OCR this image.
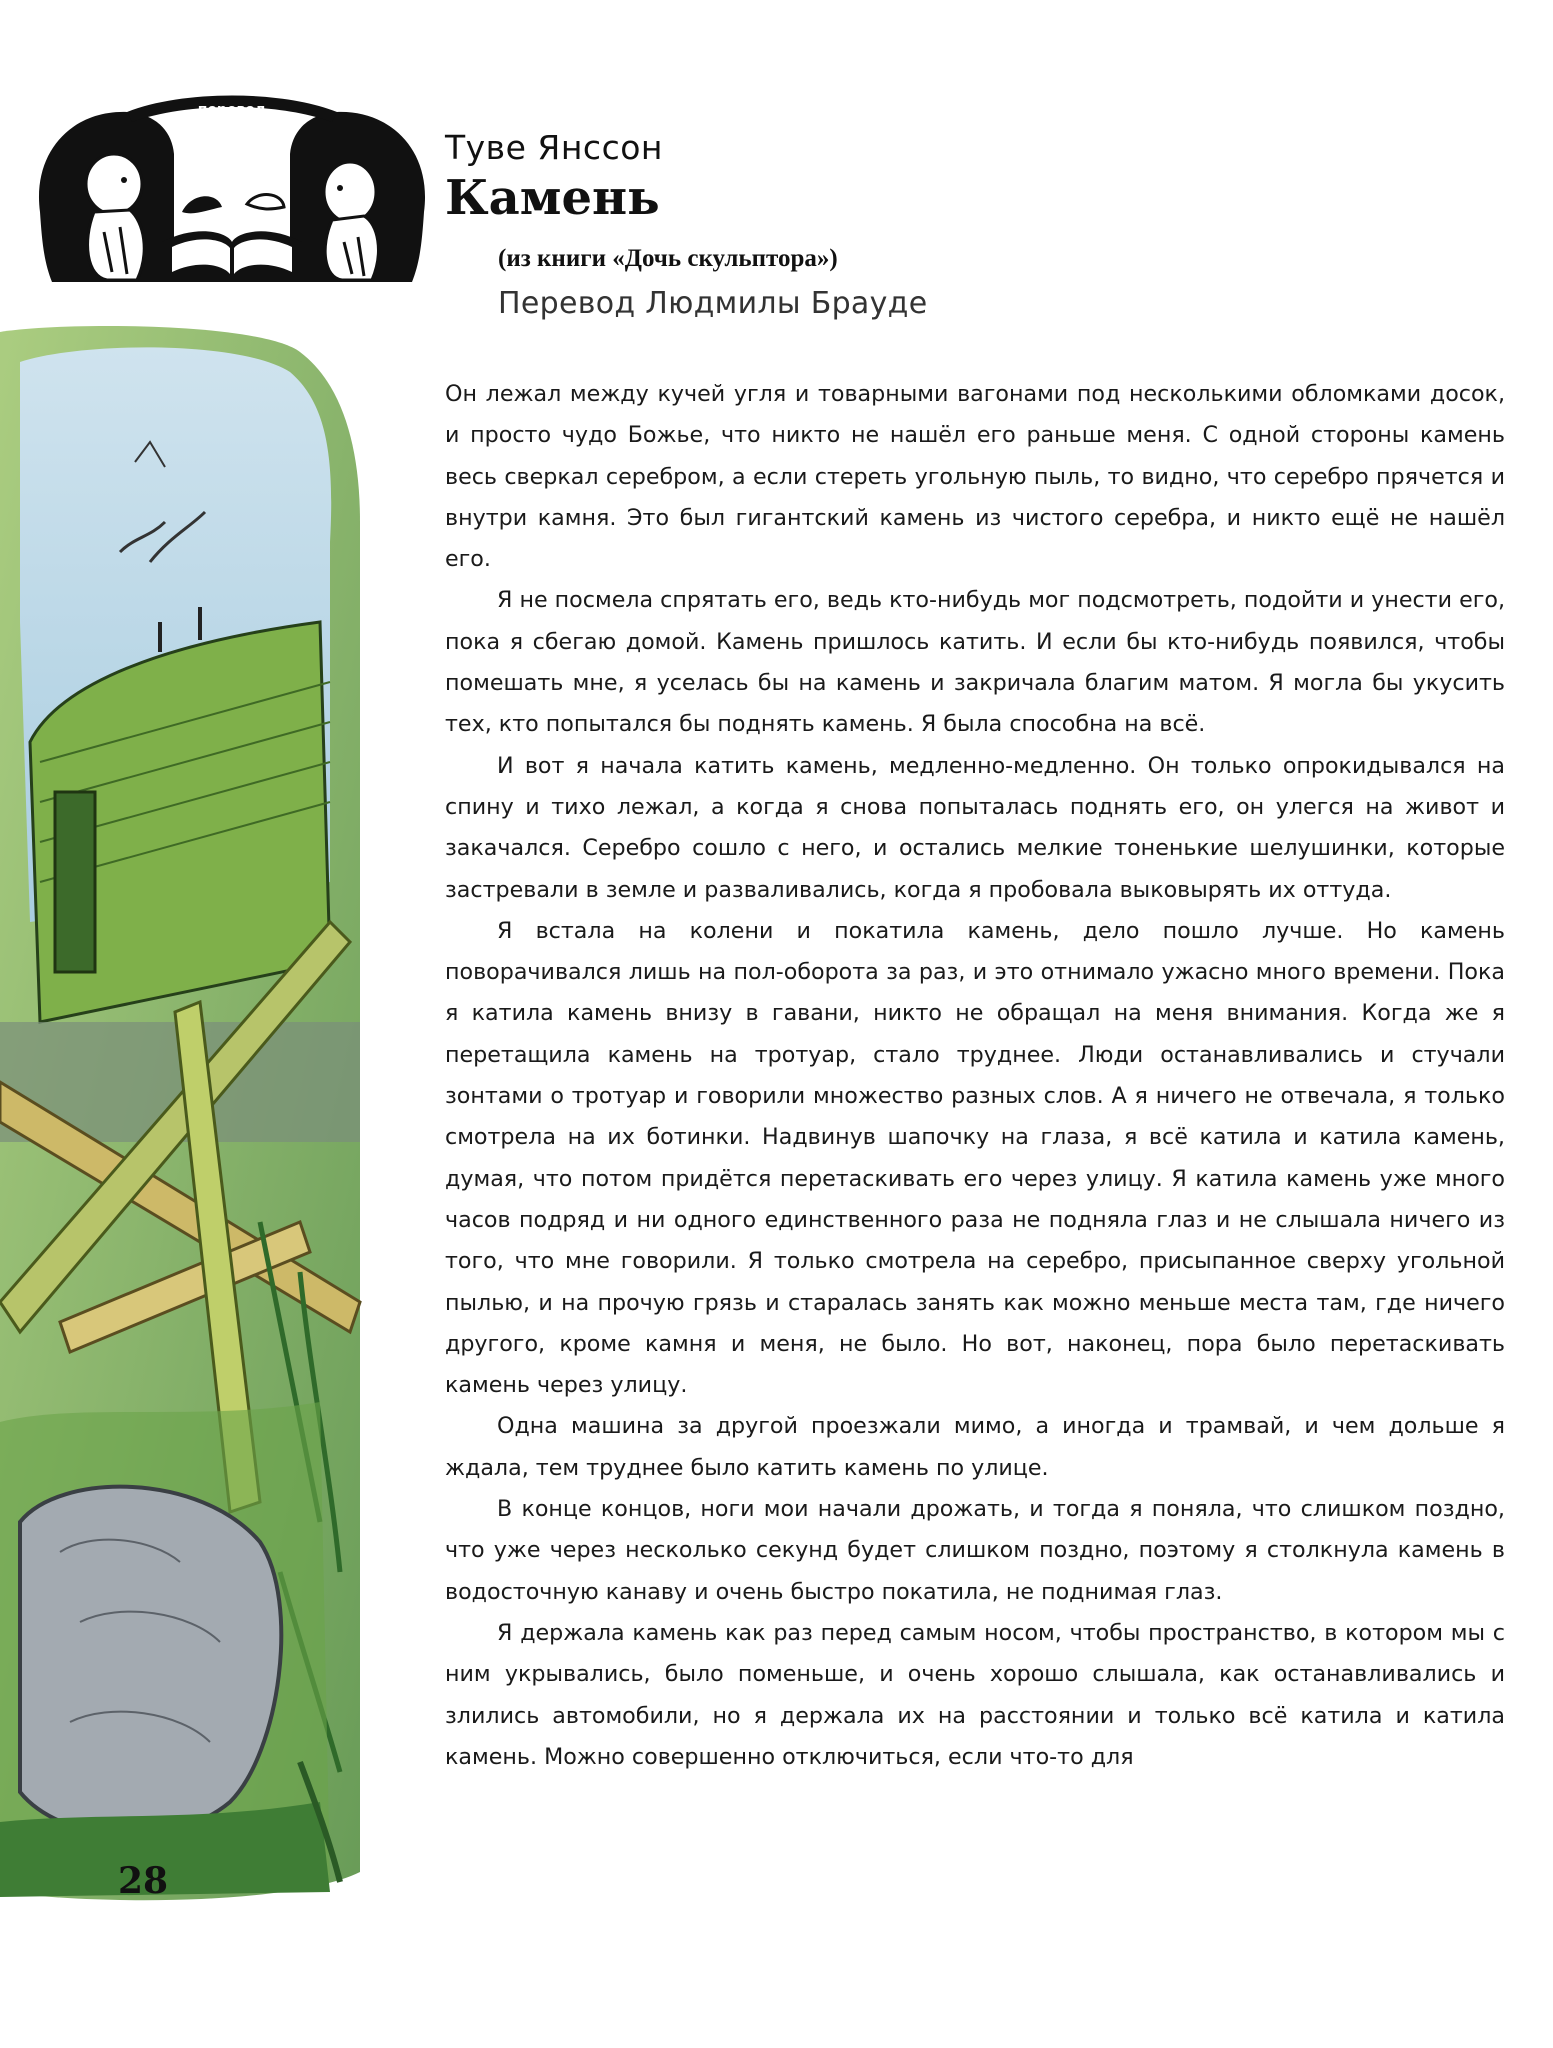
перевод
Туве Янссон
Камень
(из книги «Дочь скульптора»)
Перевод Людмилы Брауде

Он лежал между кучей угля и товарными вагонами под несколькими обломками досок, и просто чудо Божье, что никто не нашёл его раньше меня. С одной стороны камень весь сверкал серебром, а если стереть угольную пыль, то видно, что серебро прячется и внутри камня. Это был гигантский камень из чистого серебра, и никто ещё не нашёл его.

Я не посмела спрятать его, ведь кто-нибудь мог подсмотреть, подойти и унести его, пока я сбегаю домой. Камень пришлось катить. И если бы кто-нибудь появился, чтобы помешать мне, я уселась бы на камень и закричала благим матом. Я могла бы укусить тех, кто попытался бы поднять камень. Я была способна на всё.

И вот я начала катить камень, медленно-медленно. Он только опрокидывался на спину и тихо лежал, а когда я снова попыталась поднять его, он улегся на живот и закачался. Серебро сошло с него, и остались мелкие тоненькие шелушинки, которые застревали в земле и разваливались, когда я пробовала выковырять их оттуда.

Я встала на колени и покатила камень, дело пошло лучше. Но камень поворачивался лишь на пол-оборота за раз, и это отнимало ужасно много времени. Пока я катила камень внизу в гавани, никто не обращал на меня внимания. Когда же я перетащила камень на тротуар, стало труднее. Люди останавливались и стучали зонтами о тротуар и говорили множество разных слов. А я ничего не отвечала, я только смотрела на их ботинки. Надвинув шапочку на глаза, я всё катила и катила камень, думая, что потом придётся перетаскивать его через улицу. Я катила камень уже много часов подряд и ни одного единственного раза не подняла глаз и не слышала ничего из того, что мне говорили. Я только смотрела на серебро, присыпанное сверху угольной пылью, и на прочую грязь и старалась занять как можно меньше места там, где ничего другого, кроме камня и меня, не было. Но вот, наконец, пора было перетаскивать камень через улицу.

Одна машина за другой проезжали мимо, а иногда и трамвай, и чем дольше я ждала, тем труднее было катить камень по улице.

В конце концов, ноги мои начали дрожать, и тогда я поняла, что слишком поздно, что уже через несколько секунд будет слишком поздно, поэтому я столкнула камень в водосточную канаву и очень быстро покатила, не поднимая глаз.

Я держала камень как раз перед самым носом, чтобы пространство, в котором мы с ним укрывались, было поменьше, и очень хорошо слышала, как останавливались и злились автомобили, но я держала их на расстоянии и только всё катила и катила камень. Можно совершенно отключиться, если что-то для

28
